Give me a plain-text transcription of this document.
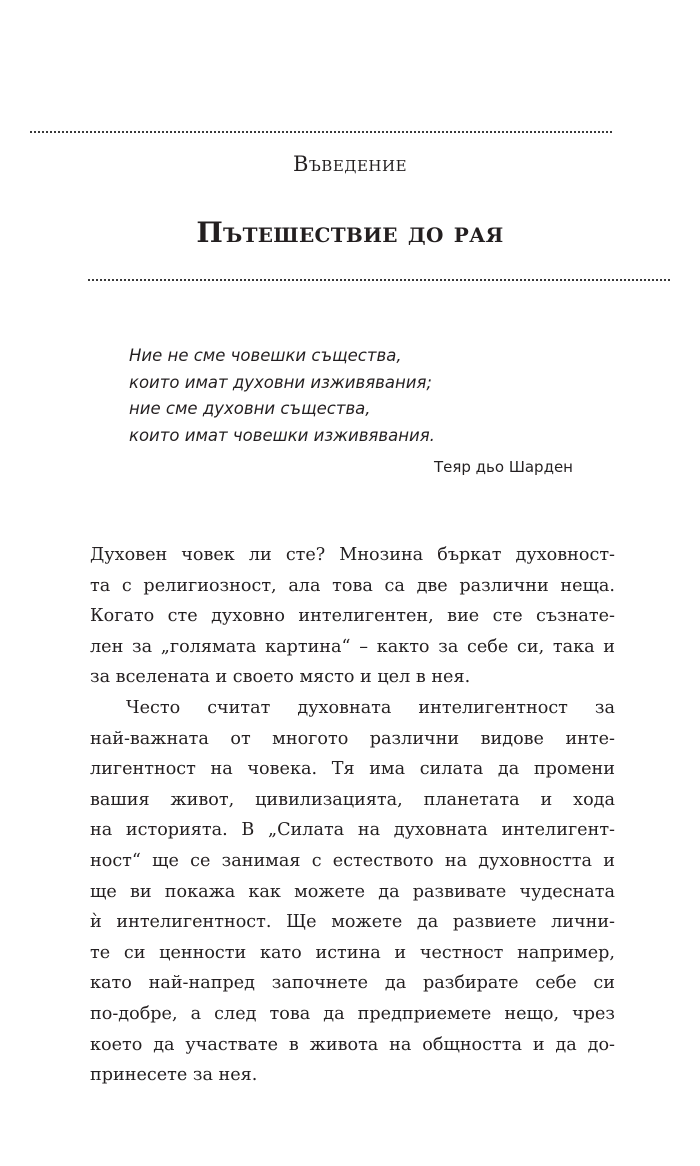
Въведение
Пътешествие до рая
Ние не сме човешки същества,
които имат духовни изживявания;
ние сме духовни същества,
които имат човешки изживявания.
Теяр дьо Шарден
Духовен човек ли сте? Мнозина бъркат духовност-
та с религиозност, ала това са две различни неща.
Когато сте духовно интелигентен, вие сте съзнате-
лен за „голямата картина“ – както за себе си, така и
за вселената и своето място и цел в нея.
Често считат духовната интелигентност за
най-важната от многото различни видове инте-
лигентност на човека. Тя има силата да промени
вашия живот, цивилизацията, планетата и хода
на историята. В „Силата на духовната интелигент-
ност“ ще се занимая с естеството на духовността и
ще ви покажа как можете да развивате чудесната
ѝ интелигентност. Ще можете да развиете лични-
те си ценности като истина и честност например,
като най-напред започнете да разбирате себе си
по-добре, а след това да предприемете нещо, чрез
което да участвате в живота на общността и да до-
принесете за нея.
